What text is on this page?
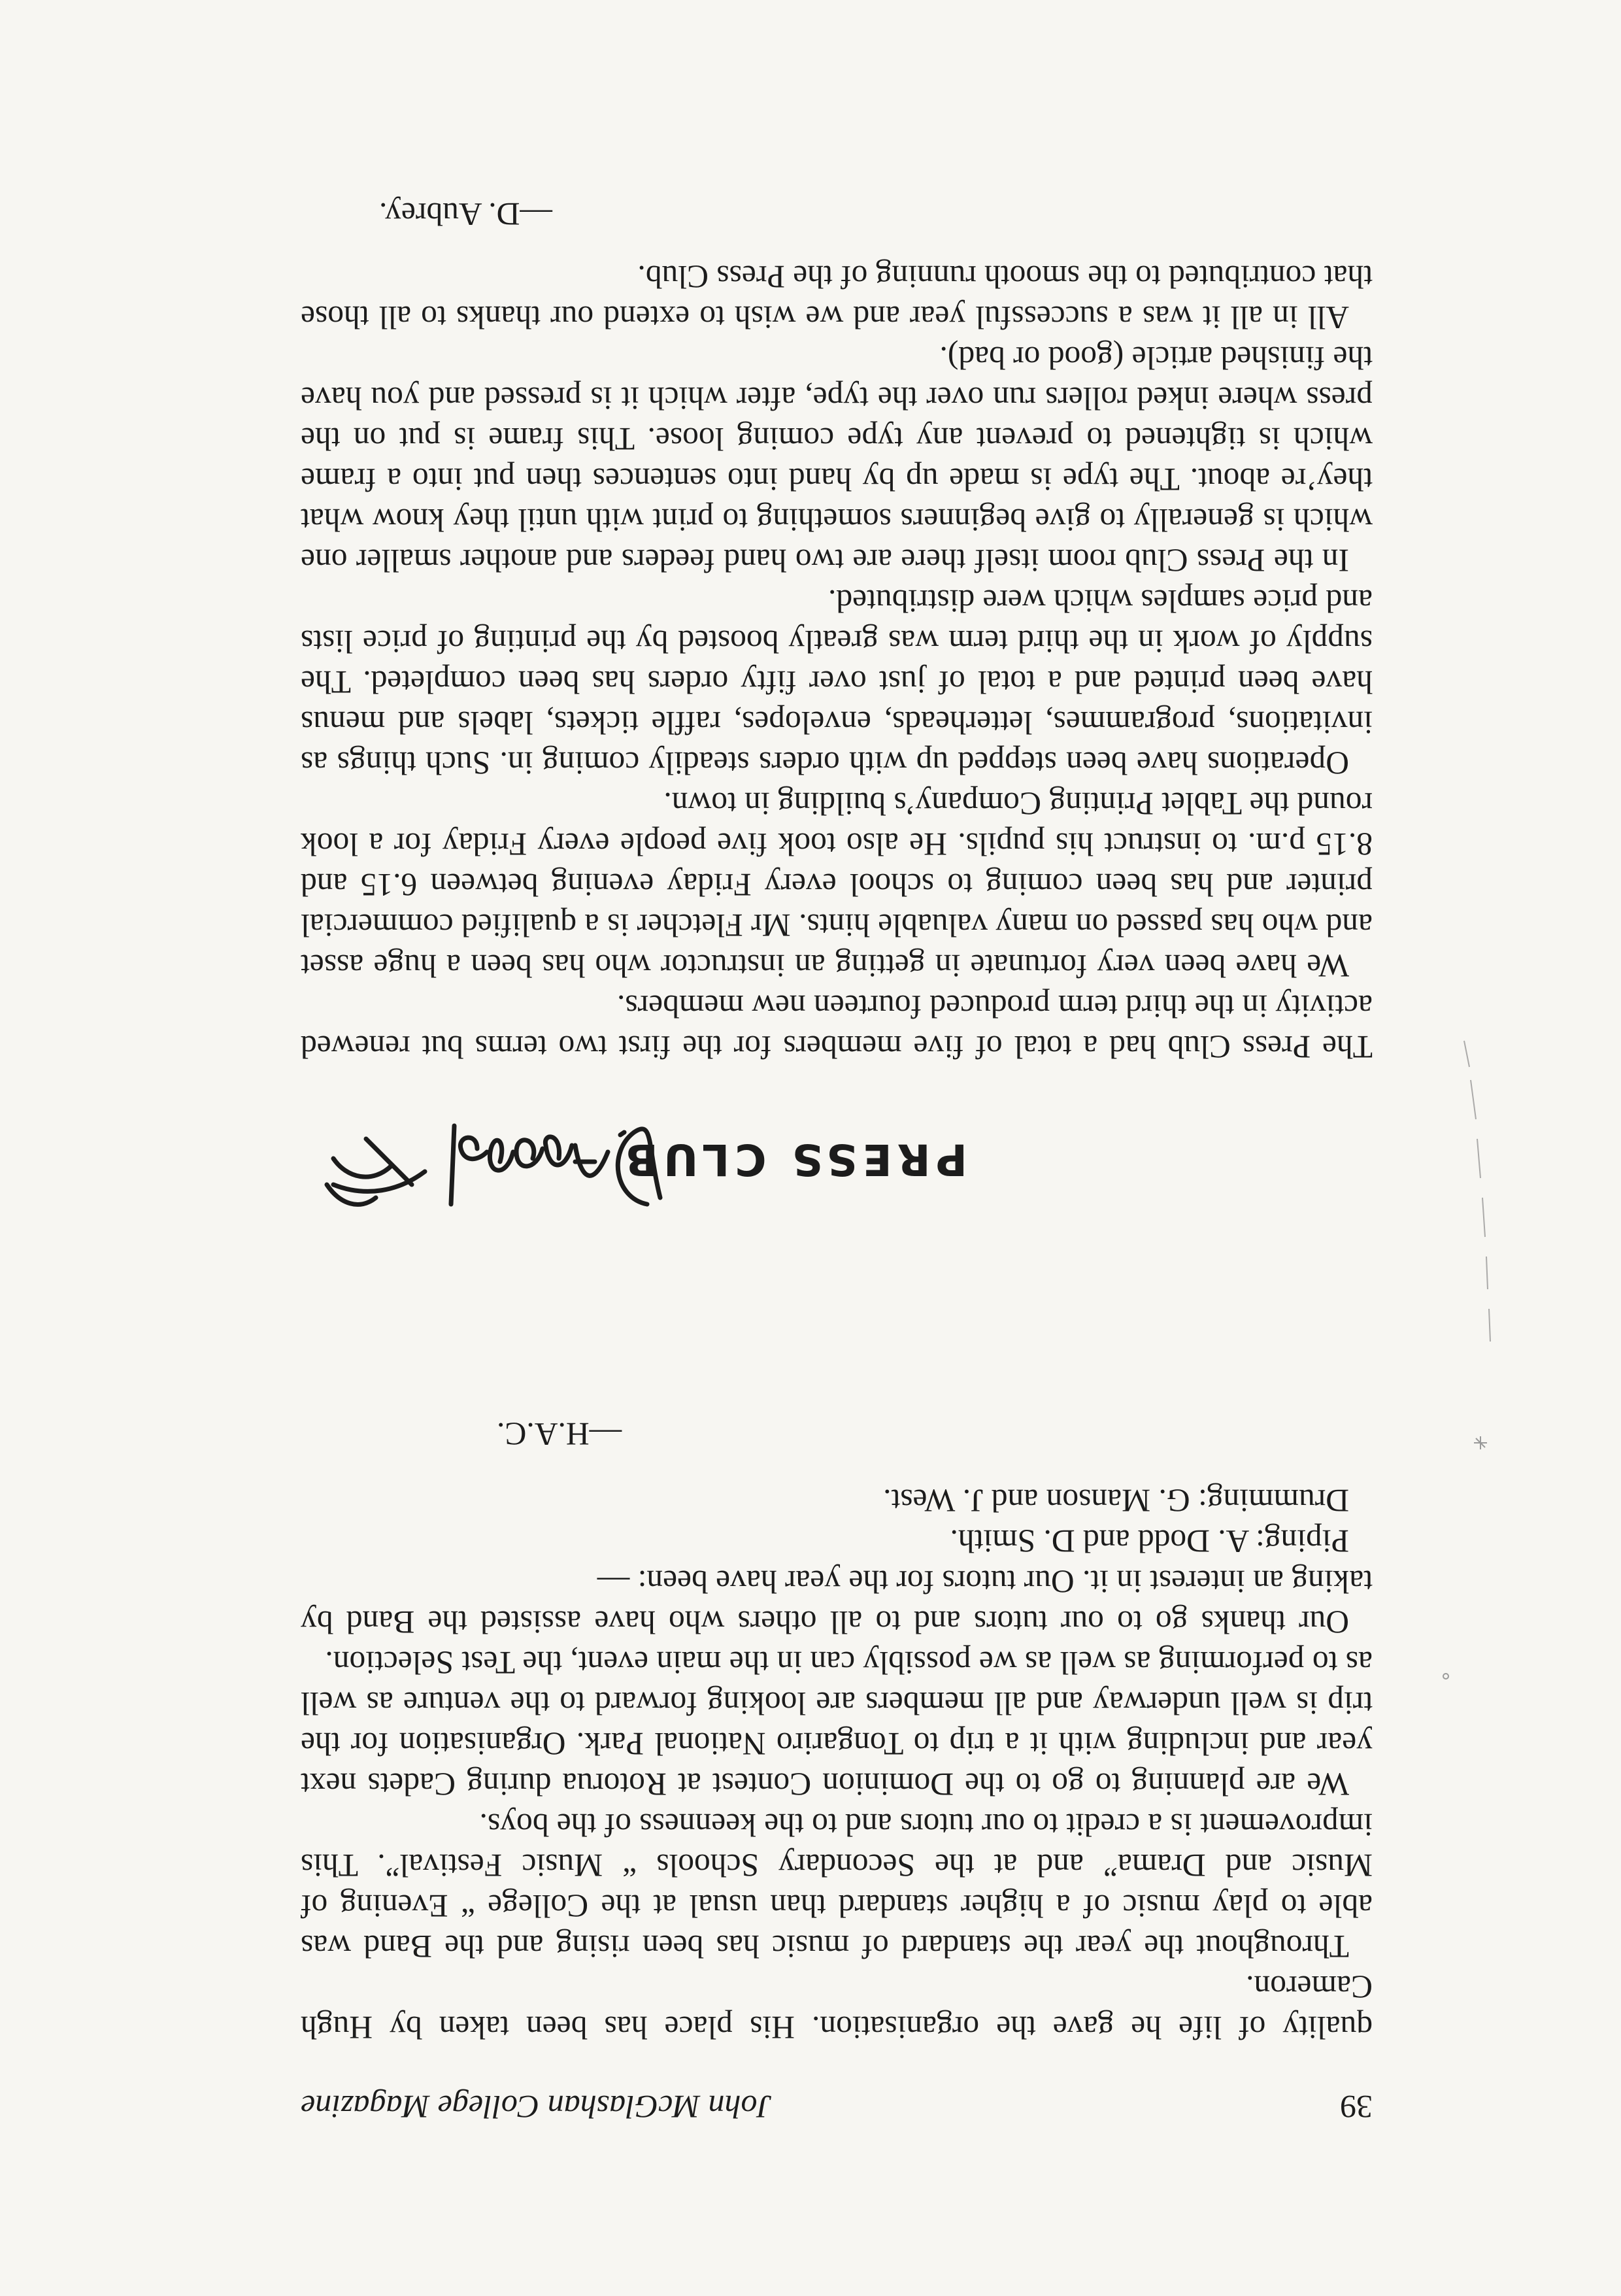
39
John McGlashan College Magazine

quality of life he gave the organisation. His place has been taken by Hugh Cameron.

Throughout the year the standard of music has been rising and the Band was able to play music of a higher standard than usual at the College “ Evening of Music and Drama” and at the Secondary Schools “ Music Festival”. This improvement is a credit to our tutors and to the keenness of the boys.

We are planning to go to the Dominion Contest at Rotorua during Cadets next year and including with it a trip to Tongariro National Park. Organisation for the trip is well underway and all members are looking forward to the venture as well as to performing as well as we possibly can in the main event, the Test Selection.

Our thanks go to our tutors and to all others who have assisted the Band by taking an interest in it. Our tutors for the year have been: —

Piping: A. Dodd and D. Smith.

Drumming: G. Manson and J. West.

—H.A.C.

PRESS CLUB

The Press Club had a total of five members for the first two terms but renewed activity in the third term produced fourteen new members.

We have been very fortunate in getting an instructor who has been a huge asset and who has passed on many valuable hints. Mr Fletcher is a qualified commercial printer and has been coming to school every Friday evening between 6.15 and 8.15 p.m. to instruct his pupils. He also took five people every Friday for a look round the Tablet Printing Company’s building in town.

Operations have been stepped up with orders steadily coming in. Such things as invitations, programmes, letterheads, envelopes, raffle tickets, labels and menus have been printed and a total of just over fifty orders has been completed. The supply of work in the third term was greatly boosted by the printing of price lists and price samples which were distributed.

In the Press Club room itself there are two hand feeders and another smaller one which is generally to give beginners something to print with until they know what they’re about. The type is made up by hand into sentences then put into a frame which is tightened to prevent any type coming loose. This frame is put on the press where inked rollers run over the type, after which it is pressed and you have the finished article (good or bad).

All in all it was a successful year and we wish to extend our thanks to all those that contributed to the smooth running of the Press Club.

—D. Aubrey.
